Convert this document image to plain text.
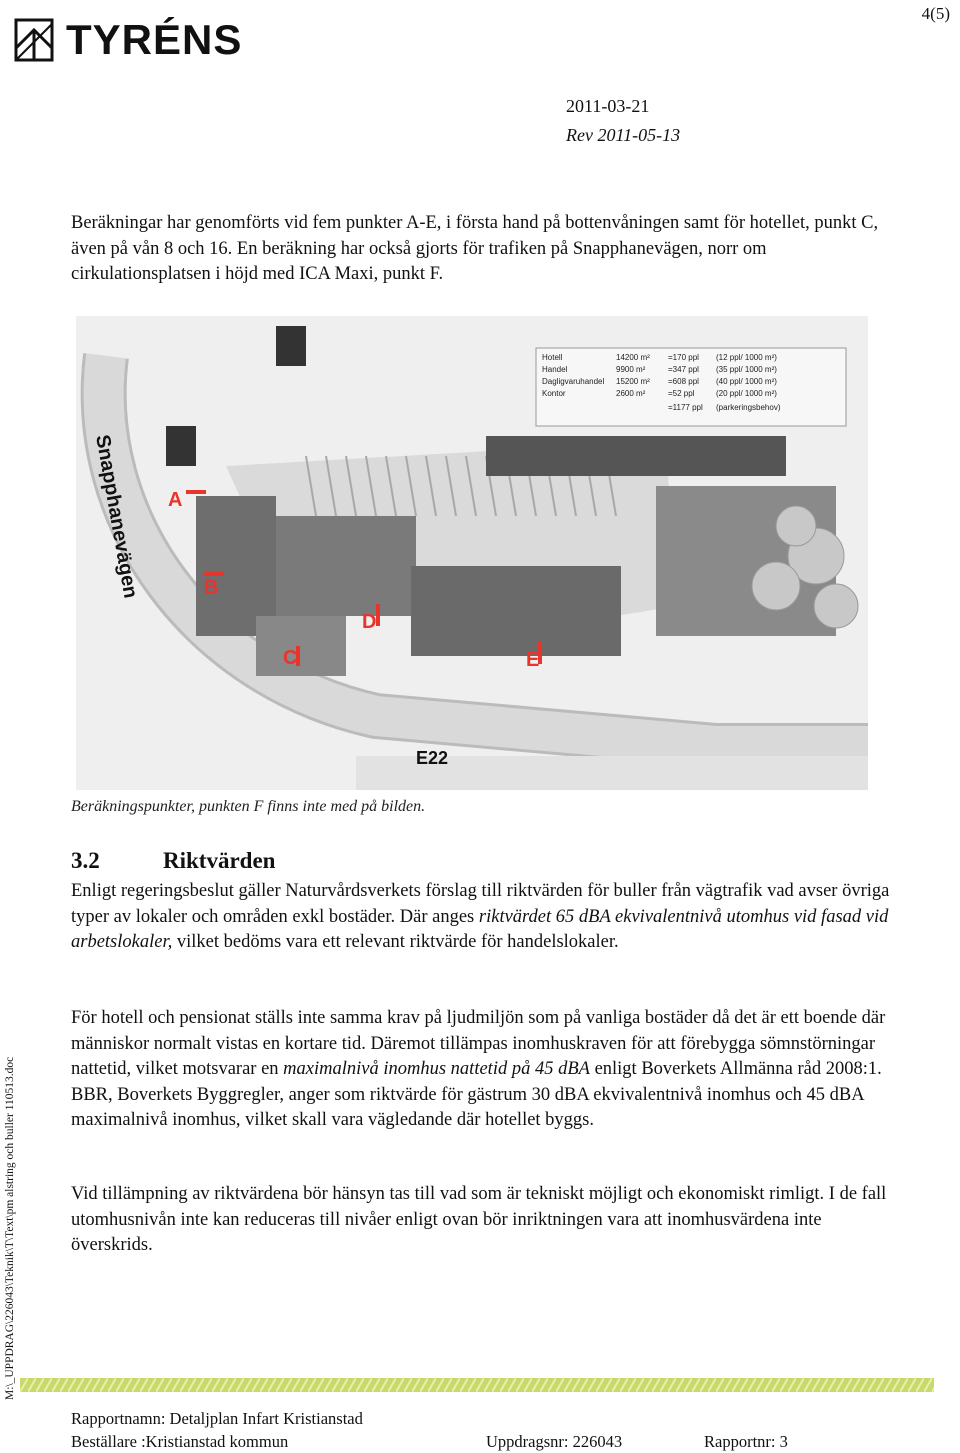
TYRÉNS
4(5)
2011-03-21
Rev 2011-05-13

Beräkningar har genomförts vid fem punkter A-E, i första hand på bottenvåningen samt för hotellet, punkt C, även på vån 8 och 16. En beräkning har också gjorts för trafiken på Snapphanevägen, norr om cirkulationsplatsen i höjd med ICA Maxi, punkt F.

Hotell	14200 m² =170 ppl (12 ppl/ 1000 m²)
Handel	9900 m²	=347 ppl (35 ppl/ 1000 m²)
Dagligvaruhandel 15200 m² =608 ppl (40 ppl/ 1000 m²)
Kontor	2600 m²	=52 ppl	(20 ppl/ 1000 m²)
=1177 ppl (parkeringsbehov)
Snapphanevägen
E22
A
B
C
D
E
Beräkningspunkter, punkten F finns inte med på bilden.
3.2	Riktvärden

Enligt regeringsbeslut gäller Naturvårdsverkets förslag till riktvärden för buller från vägtrafik vad avser övriga typer av lokaler och områden exkl bostäder. Där anges riktvärdet 65 dBA ekvivalentnivå utomhus vid fasad vid arbetslokaler, vilket bedöms vara ett relevant riktvärde för handelslokaler.

För hotell och pensionat ställs inte samma krav på ljudmiljön som på vanliga bostäder då det är ett boende där människor normalt vistas en kortare tid. Däremot tillämpas inomhuskraven för att förebygga sömnstörningar nattetid, vilket motsvarar en maximalnivå inomhus nattetid på 45 dBA enligt Boverkets Allmänna råd 2008:1. BBR, Boverkets Byggregler, anger som riktvärde för gästrum 30 dBA ekvivalentnivå inomhus och 45 dBA maximalnivå inomhus, vilket skall vara vägledande där hotellet byggs.

Vid tillämpning av riktvärdena bör hänsyn tas till vad som är tekniskt möjligt och ekonomiskt rimligt. I de fall utomhusnivån inte kan reduceras till nivåer enligt ovan bör inriktningen vara att inomhusvärdena inte överskrids.

M:\_UPPDRAG\226043\Teknik\T\Text\pm alstring och buller 110513.doc
Rapportnamn: Detaljplan Infart Kristianstad
Beställare :Kristianstad kommun	Uppdragsnr: 226043	Rapportnr: 3
